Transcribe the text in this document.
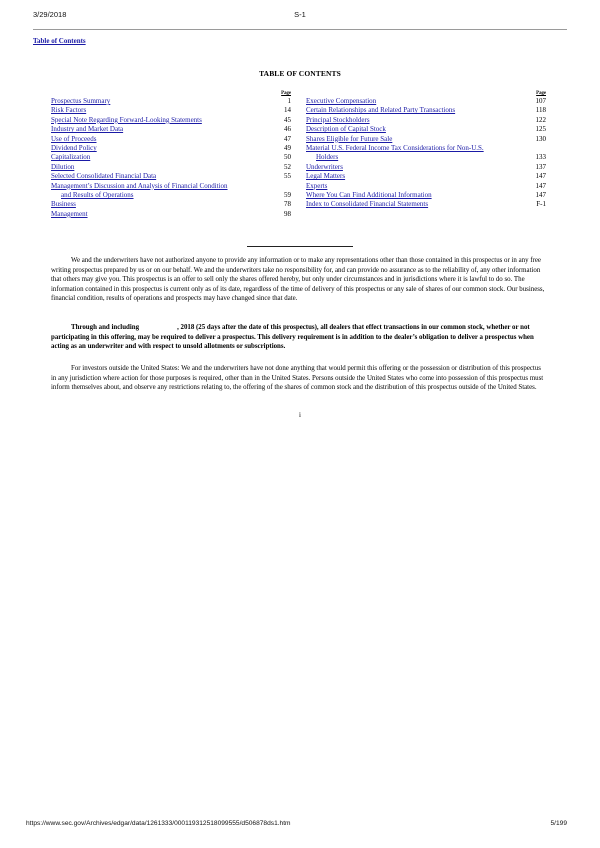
3/29/2018	S-1
Table of Contents
TABLE OF CONTENTS
Page
Prospectus Summary	1
Risk Factors	14
Special Note Regarding Forward-Looking Statements	45
Industry and Market Data	46
Use of Proceeds	47
Dividend Policy	49
Capitalization	50
Dilution	52
Selected Consolidated Financial Data	55
Management’s Discussion and Analysis of Financial Condition
and Results of Operations	59
Business	78
Management	98
Page
Executive Compensation	107
Certain Relationships and Related Party Transactions	118
Principal Stockholders	122
Description of Capital Stock	125
Shares Eligible for Future Sale	130
Material U.S. Federal Income Tax Considerations for Non-U.S.
Holders	133
Underwriters	137
Legal Matters	147
Experts	147
Where You Can Find Additional Information	147
Index to Consolidated Financial Statements	F-1
We and the underwriters have not authorized anyone to provide any information or to make any representations other than those contained in this prospectus or in any free writing prospectus prepared by us or on our behalf. We and the underwriters take no responsibility for, and can provide no assurance as to the reliability of, any other information that others may give you. This prospectus is an offer to sell only the shares offered hereby, but only under circumstances and in jurisdictions where it is lawful to do so. The information contained in this prospectus is current only as of its date, regardless of the time of delivery of this prospectus or any sale of shares of our common stock. Our business, financial condition, results of operations and prospects may have changed since that date.
Through and including	, 2018 (25 days after the date of this prospectus), all dealers that effect transactions in our common stock, whether or not participating in this offering, may be required to deliver a prospectus. This delivery requirement is in addition to the dealer’s obligation to deliver a prospectus when acting as an underwriter and with respect to unsold allotments or subscriptions.
For investors outside the United States: We and the underwriters have not done anything that would permit this offering or the possession or distribution of this prospectus in any jurisdiction where action for those purposes is required, other than in the United States. Persons outside the United States who come into possession of this prospectus must inform themselves about, and observe any restrictions relating to, the offering of the shares of common stock and the distribution of this prospectus outside of the United States.
i
https://www.sec.gov/Archives/edgar/data/1261333/000119312518099555/d506878ds1.htm	5/199
